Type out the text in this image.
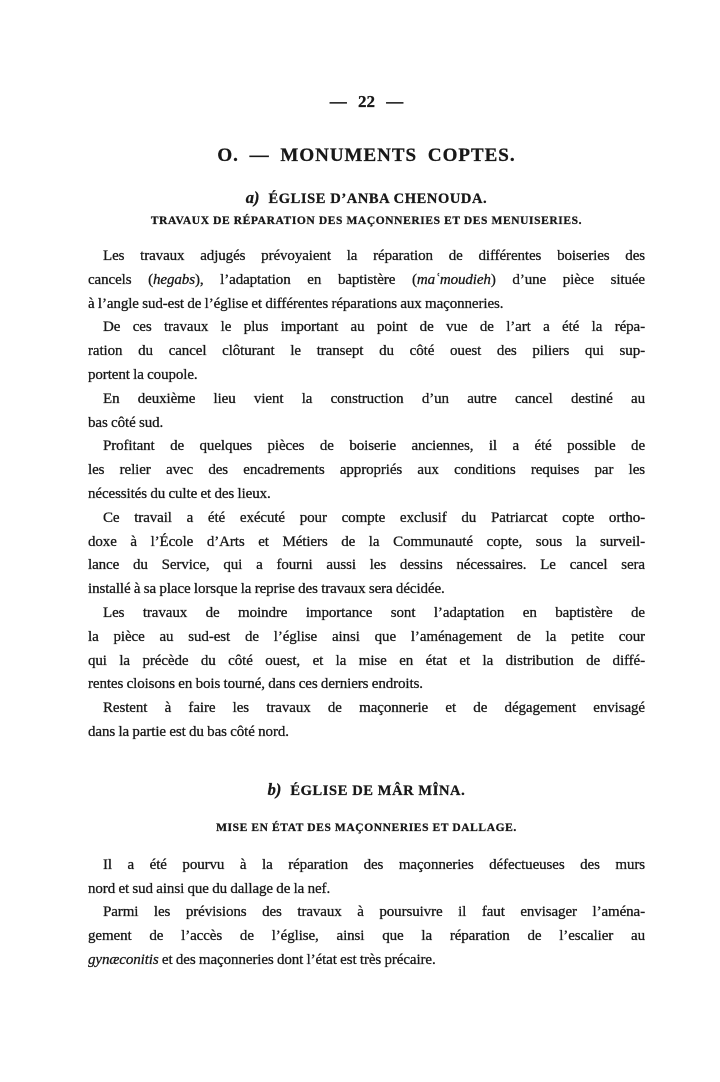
— 22 —
O. — MONUMENTS COPTES.
a) ÉGLISE D’ANBA CHENOUDA.
TRAVAUX DE RÉPARATION DES MAÇONNERIES ET DES MENUISERIES.
Les travaux adjugés prévoyaient la réparation de différentes boiseries des
cancels (hegabs), l’adaptation en baptistère (maʿmoudieh) d’une pièce située
à l’angle sud-est de l’église et différentes réparations aux maçonneries.
De ces travaux le plus important au point de vue de l’art a été la répa-
ration du cancel clôturant le transept du côté ouest des piliers qui sup-
portent la coupole.
En deuxième lieu vient la construction d’un autre cancel destiné au
bas côté sud.
Profitant de quelques pièces de boiserie anciennes, il a été possible de
les relier avec des encadrements appropriés aux conditions requises par les
nécessités du culte et des lieux.
Ce travail a été exécuté pour compte exclusif du Patriarcat copte ortho-
doxe à l’École d’Arts et Métiers de la Communauté copte, sous la surveil-
lance du Service, qui a fourni aussi les dessins nécessaires. Le cancel sera
installé à sa place lorsque la reprise des travaux sera décidée.
Les travaux de moindre importance sont l’adaptation en baptistère de
la pièce au sud-est de l’église ainsi que l’aménagement de la petite cour
qui la précède du côté ouest, et la mise en état et la distribution de diffé-
rentes cloisons en bois tourné, dans ces derniers endroits.
Restent à faire les travaux de maçonnerie et de dégagement envisagé
dans la partie est du bas côté nord.
b) ÉGLISE DE MÂR MÎNA.
MISE EN ÉTAT DES MAÇONNERIES ET DALLAGE.
Il a été pourvu à la réparation des maçonneries défectueuses des murs
nord et sud ainsi que du dallage de la nef.
Parmi les prévisions des travaux à poursuivre il faut envisager l’aména-
gement de l’accès de l’église, ainsi que la réparation de l’escalier au
gynæconitis et des maçonneries dont l’état est très précaire.
